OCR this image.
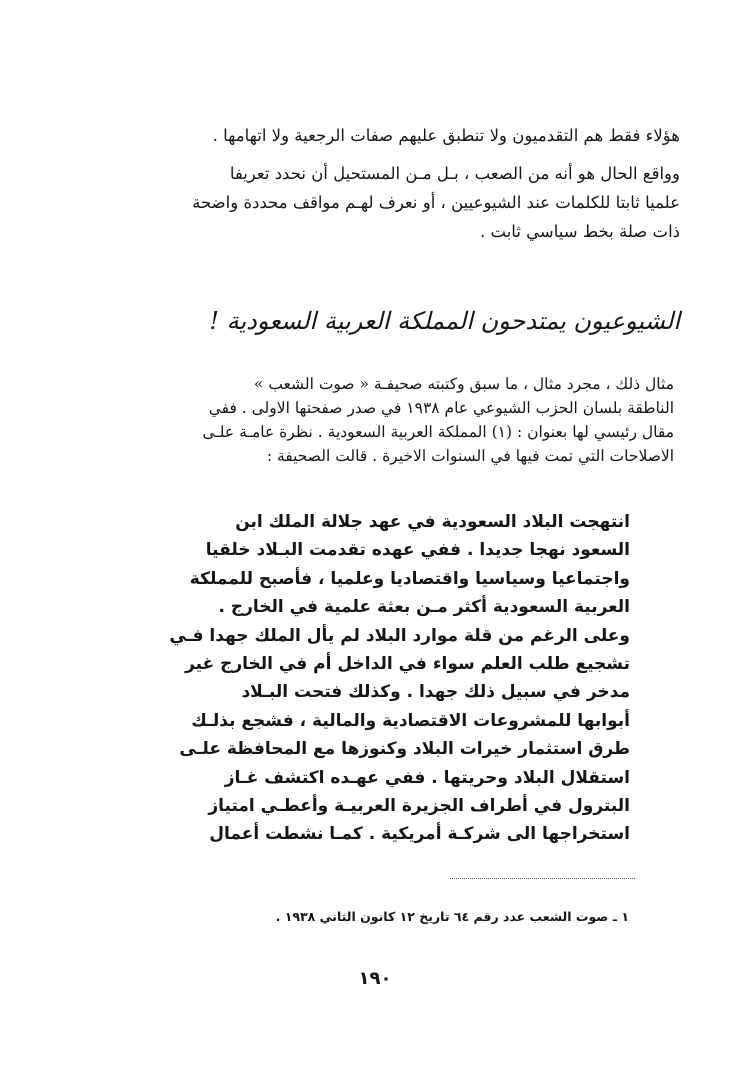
هؤلاء فقط هم التقدميون ولا تنطبق عليهم صفات الرجعية ولا اتهامها .
وواقع الحال هو أنه من الصعب ، بـل مـن المستحيل أن نحدد تعريفا
علميا ثابتا للكلمات عند الشيوعيين ، أو نعرف لهـم مواقف محددة واضحة
ذات صلة بخط سياسي ثابت .
الشيوعيون يمتدحون المملكة العربية السعودية !
مثال ذلك ، مجرد مثال ، ما سبق وكتبته صحيفـة « صوت الشعب »
الناطقة بلسان الحزب الشيوعي عام ١٩٣٨ في صدر صفحتها الاولى . ففي
مقال رئيسي لها بعنوان : (١) المملكة العربية السعودية . نظرة عامـة علـى
الاصلاحات التي تمت فيها في السنوات الاخيرة . قالت الصحيفة :
انتهجت البلاد السعودية في عهد جلالة الملك ابن
السعود نهجا جديدا . ففي عهده تقدمت البـلاد خلقيا
واجتماعيا وسياسيا واقتصاديا وعلميا ، فأصبح للمملكة
العربية السعودية أكثر مـن بعثة علمية في الخارج .
وعلى الرغم من قلة موارد البلاد لم يأل الملك جهدا فـي
تشجيع طلب العلم سواء في الداخل أم في الخارج غير
مدخر في سبيل ذلك جهدا . وكذلك فتحت البـلاد
أبوابها للمشروعات الاقتصادية والمالية ، فشجع بذلـك
طرق استثمار خيرات البلاد وكنوزها مع المحافظة علـى
استقلال البلاد وحريتها . ففي عهـده اكتشف غـاز
البترول في أطراف الجزيرة العربيـة وأعطـي امتياز
استخراجها الى شركـة أمريكية . كمـا نشطت أعمال
١ ـ صوت الشعب عدد رقم ٦٤ تاريخ ١٢ كانون الثاني ١٩٣٨ .
١٩٠
